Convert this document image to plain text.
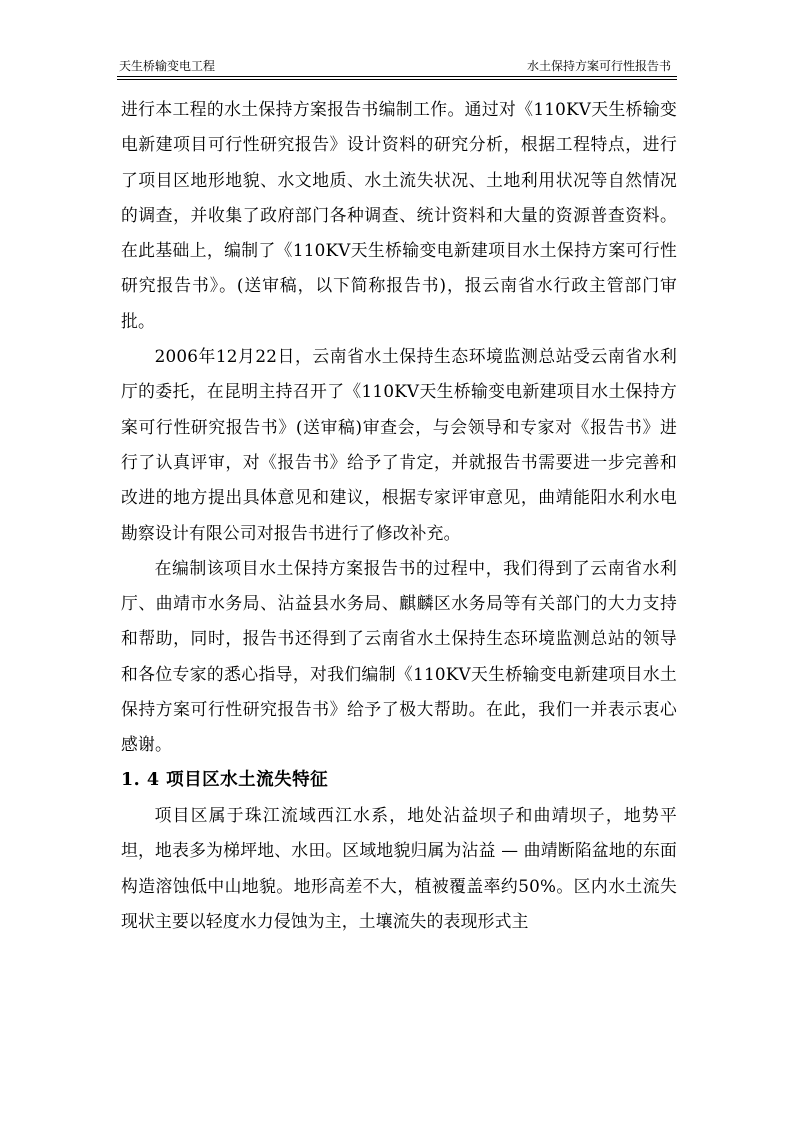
天生桥输变电工程	水土保持方案可行性报告书

进行本工程的水土保持方案报告书编制工作。通过对《110KV天生桥输变电新建项目可行性研究报告》设计资料的研究分析，根据工程特点，进行了项目区地形地貌、水文地质、水土流失状况、土地利用状况等自然情况的调查，并收集了政府部门各种调查、统计资料和大量的资源普查资料。在此基础上，编制了《110KV天生桥输变电新建项目水土保持方案可行性研究报告书》。(送审稿，以下简称报告书)，报云南省水行政主管部门审批。

2006年12月22日，云南省水土保持生态环境监测总站受云南省水利厅的委托，在昆明主持召开了《110KV天生桥输变电新建项目水土保持方案可行性研究报告书》(送审稿)审查会，与会领导和专家对《报告书》进行了认真评审，对《报告书》给予了肯定，并就报告书需要进一步完善和改进的地方提出具体意见和建议，根据专家评审意见，曲靖能阳水利水电勘察设计有限公司对报告书进行了修改补充。

在编制该项目水土保持方案报告书的过程中，我们得到了云南省水利厅、曲靖市水务局、沾益县水务局、麒麟区水务局等有关部门的大力支持和帮助，同时，报告书还得到了云南省水土保持生态环境监测总站的领导和各位专家的悉心指导，对我们编制《110KV天生桥输变电新建项目水土保持方案可行性研究报告书》给予了极大帮助。在此，我们一并表示衷心感谢。

1. 4 项目区水土流失特征

项目区属于珠江流域西江水系，地处沾益坝子和曲靖坝子，地势平坦，地表多为梯坪地、水田。区域地貌归属为沾益 — 曲靖断陷盆地的东面构造溶蚀低中山地貌。地形高差不大，植被覆盖率约50%。区内水土流失现状主要以轻度水力侵蚀为主，土壤流失的表现形式主
